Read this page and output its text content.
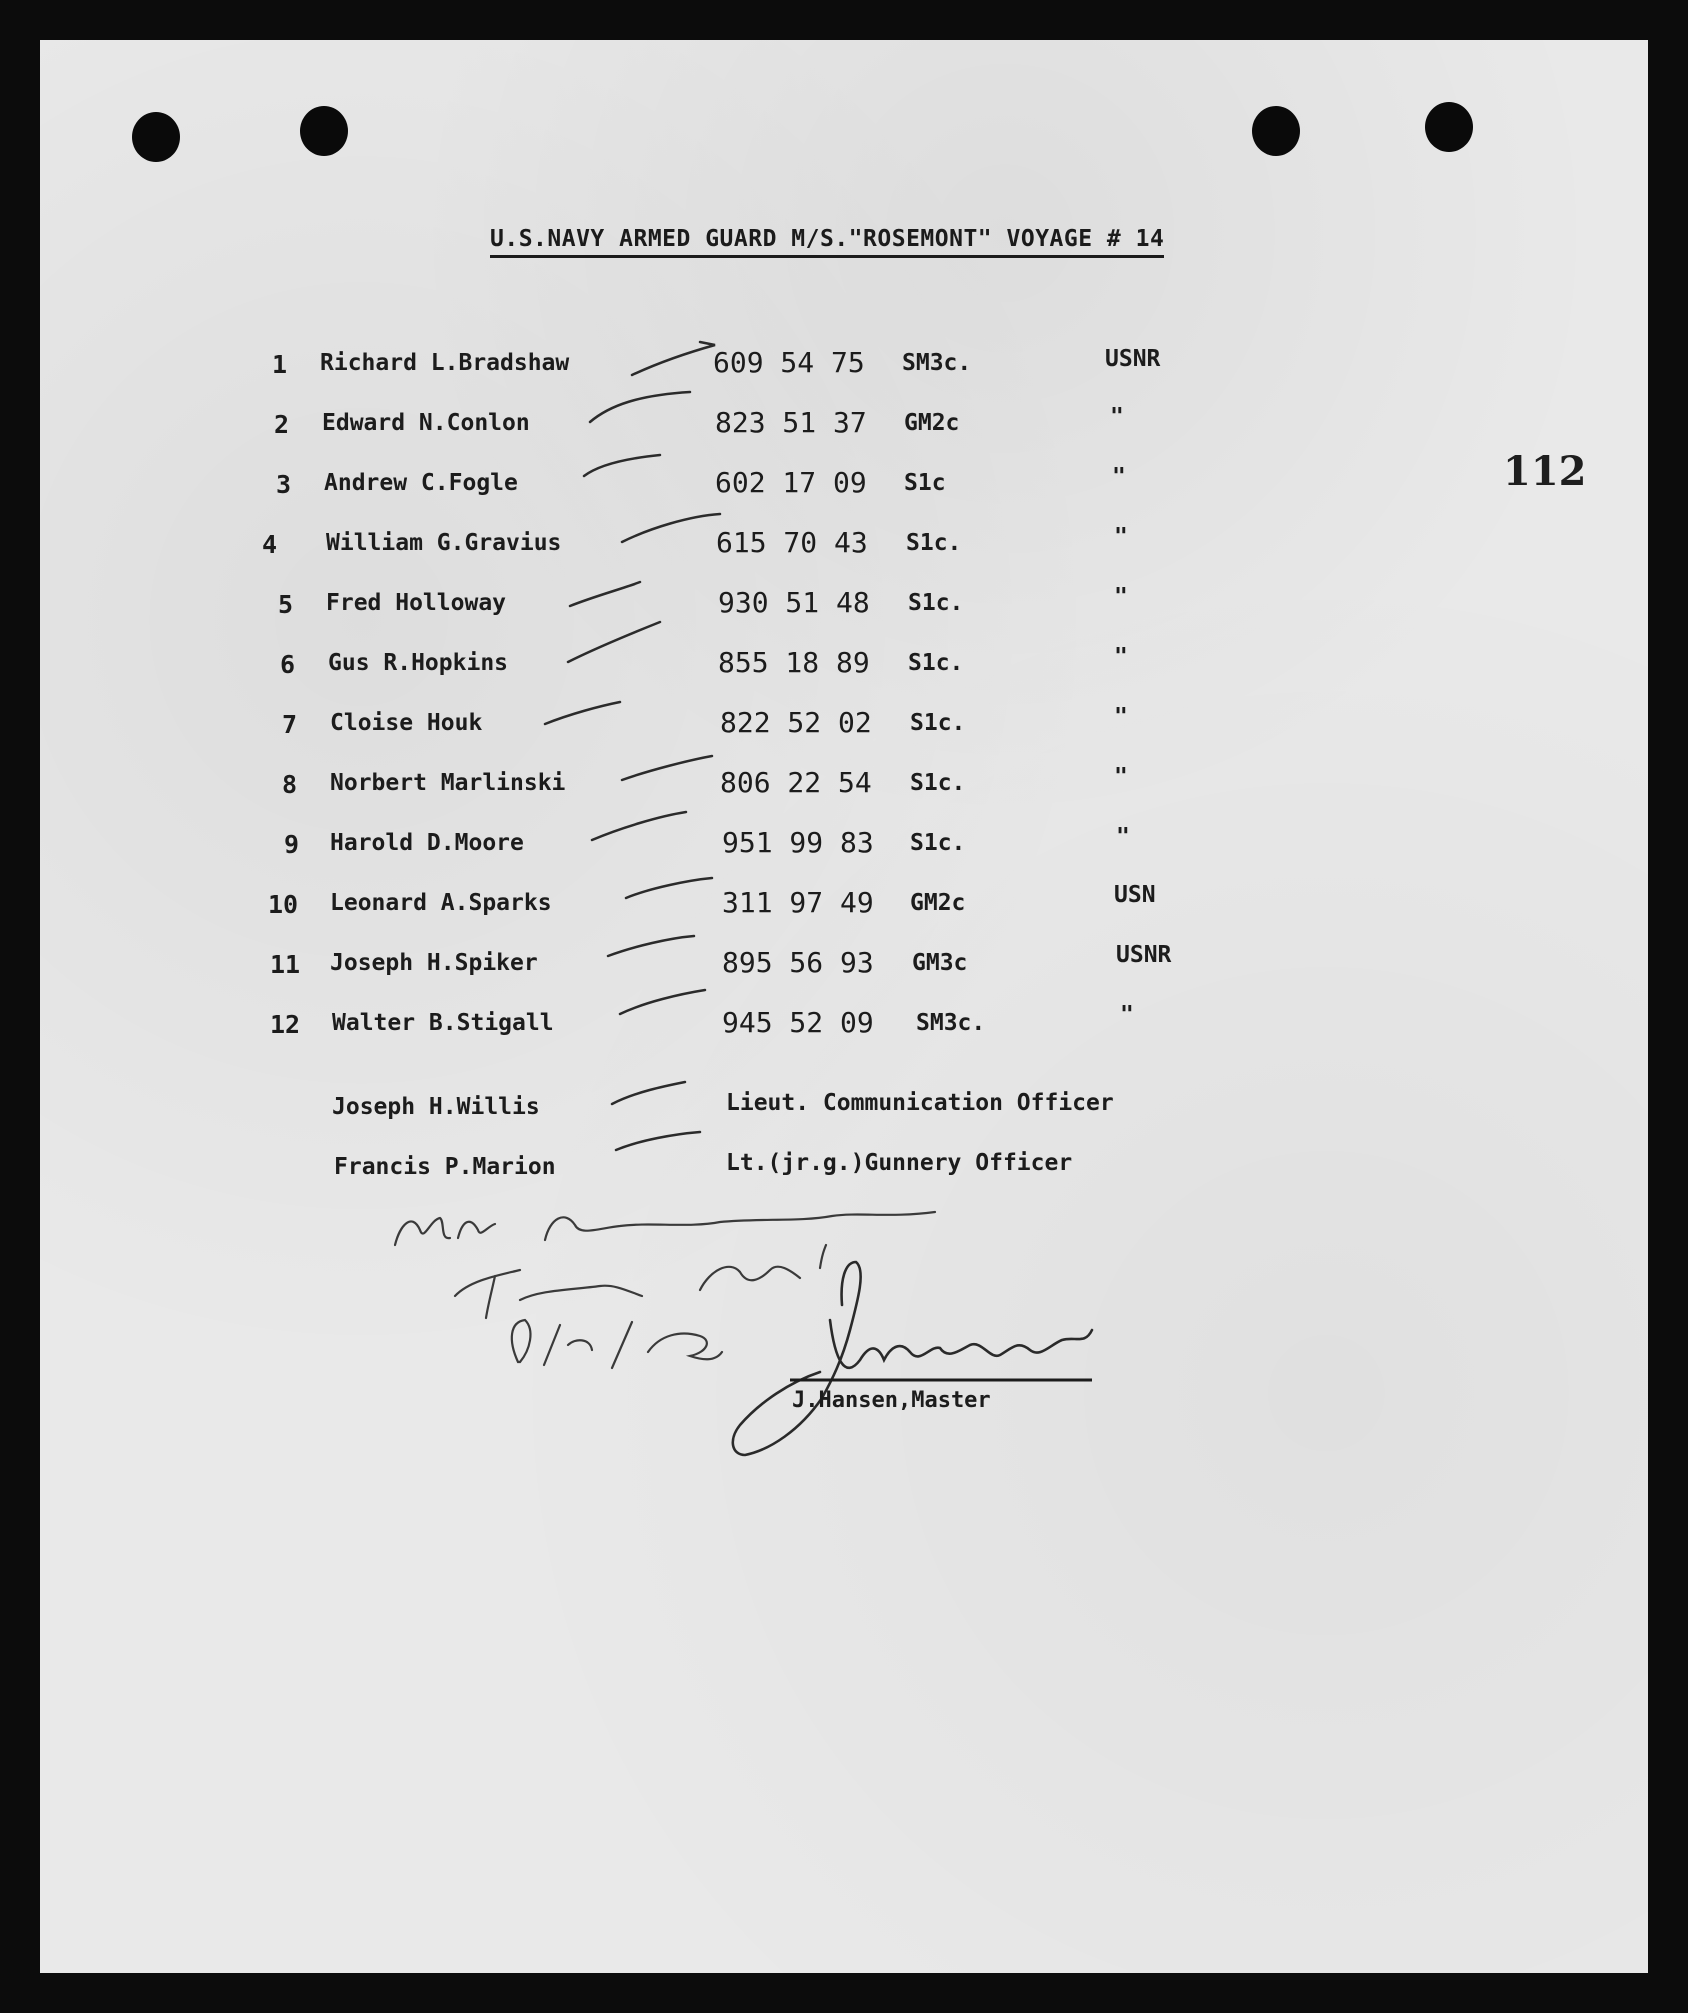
U.S.NAVY ARMED GUARD M/S."ROSEMONT" VOYAGE # 14
112
1 Richard L.Bradshaw	609 54 75 SM3c.	USNR
2 Edward N.Conlon	823 51 37 GM2c	"
3 Andrew C.Fogle	602 17 09 S1c	"
4 William G.Gravius	615 70 43 S1c.	"
5 Fred Holloway	930 51 48 S1c.	"
6 Gus R.Hopkins	855 18 89 S1c.	"
7 Cloise Houk	822 52 02 S1c.	"
8 Norbert Marlinski	806 22 54 S1c.	"
9 Harold D.Moore	951 99 83 S1c.	"
10 Leonard A.Sparks	311 97 49 GM2c	USN
11 Joseph H.Spiker	895 56 93 GM3c	USNR
12 Walter B.Stigall	945 52 09 SM3c.	"
Joseph H.Willis	Lieut. Communication Officer
Francis P.Marion	Lt.(jr.g.)Gunnery Officer
J.Hansen,Master
